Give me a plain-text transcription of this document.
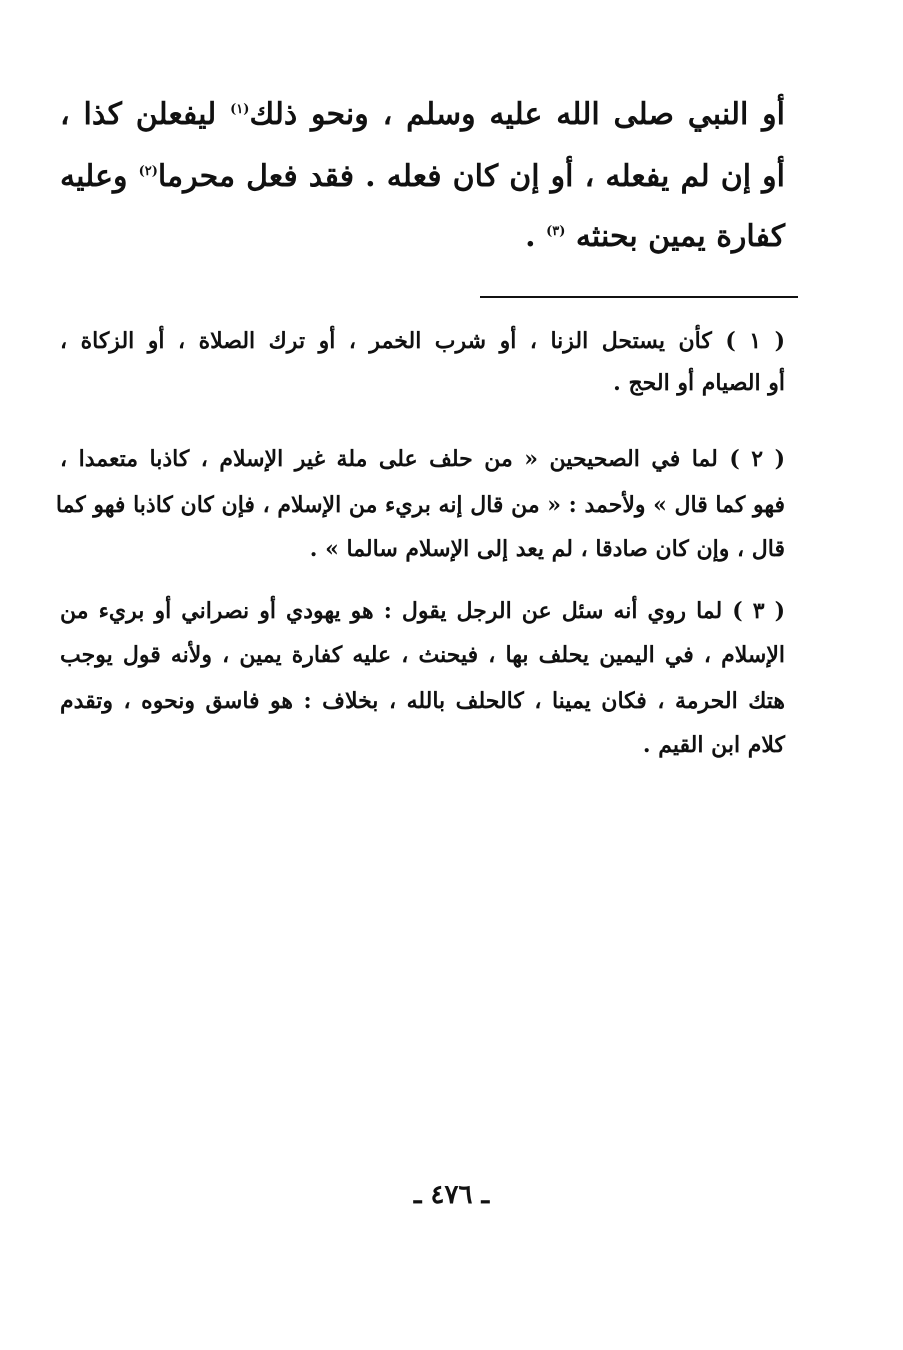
أو النبي صلى الله عليه وسلم ، ونحو ذلك$^{(١)}$ ليفعلن كذا ،
أو إن لم يفعله ، أو إن كان فعله . فقد فعل محرما$^{(٢)}$ وعليه
كفارة يمين بحنثه $^{(٣)}$ .
( ١ ) كأن يستحل الزنا ، أو شرب الخمر ، أو ترك الصلاة ، أو الزكاة ،
أو الصيام أو الحج .
( ٢ ) لما في الصحيحين « من حلف على ملة غير الإسلام ، كاذبا متعمدا ،
فهو كما قال » ولأحمد : « من قال إنه بريء من الإسلام ، فإن كان كاذبا فهو كما
قال ، وإن كان صادقا ، لم يعد إلى الإسلام سالما » .
( ٣ ) لما روي أنه سئل عن الرجل يقول : هو يهودي أو نصراني أو بريء من
الإسلام ، في اليمين يحلف بها ، فيحنث ، عليه كفارة يمين ، ولأنه قول يوجب
هتك الحرمة ، فكان يمينا ، كالحلف بالله ، بخلاف : هو فاسق ونحوه ، وتقدم
كلام ابن القيم .
ـ ٤٧٦ ـ
